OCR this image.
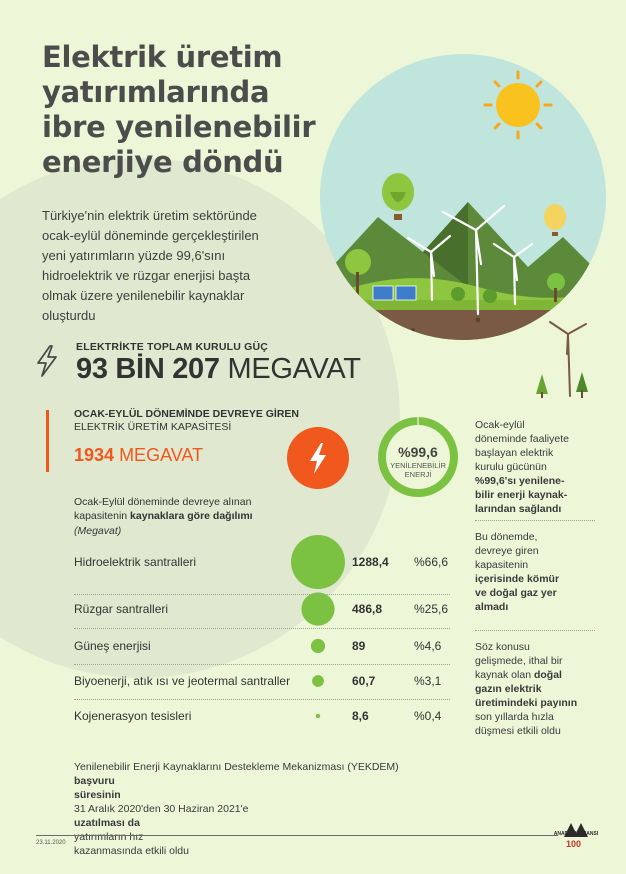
Elektrik üretim
yatırımlarında
ibre yenilenebilir
enerjiye döndü
Türkiye'nin elektrik üretim sektöründe
ocak-eylül döneminde gerçekleştirilen
yeni yatırımların yüzde 99,6'sını
hidroelektrik ve rüzgar enerjisi başta
olmak üzere yenilenebilir kaynaklar
oluşturdu
ELEKTRİKTE TOPLAM KURULU GÜÇ
93 BİN 207 MEGAVAT
OCAK-EYLÜL DÖNEMİNDE DEVREYE GİREN
ELEKTRİK ÜRETİM KAPASİTESİ
1934 MEGAVAT	%99,6
YENİLENEBİLİR
ENERJİ
Ocak-Eylül döneminde devreye alınan
kapasitenin kaynaklara göre dağılımı
(Megavat)
Hidroelektrik santralleri	1288,4 %66,6
Rüzgar santralleri	486,8	%25,6
Güneş enerjisi	89	%4,6
Biyoenerji, atık ısı ve jeotermal santraller	60,7	%3,1
Kojenerasyon tesisleri	8,6	%0,4
Ocak-eylül
döneminde faaliyete
başlayan elektrik
kurulu gücünün
%99,6'sı yenilene-
bilir enerji kaynak-
larından sağlandı
Bu dönemde,
devreye giren
kapasitenin
içerisinde kömür
ve doğal gaz yer
almadı
Söz konusu
gelişmede, ithal bir
kaynak olan doğal
gazın elektrik
üretimindeki payının
son yıllarda hızla
düşmesi etkili oldu
Yenilenebilir Enerji Kaynaklarını Destekleme Mekanizması (YEKDEM)
başvuru
süresinin
31 Aralık 2020'den 30 Haziran 2021'e
uzatılması da
yatırımların hız
kazanmasında etkili oldu
23.11.2020
ANADOLU AJANSI
100
